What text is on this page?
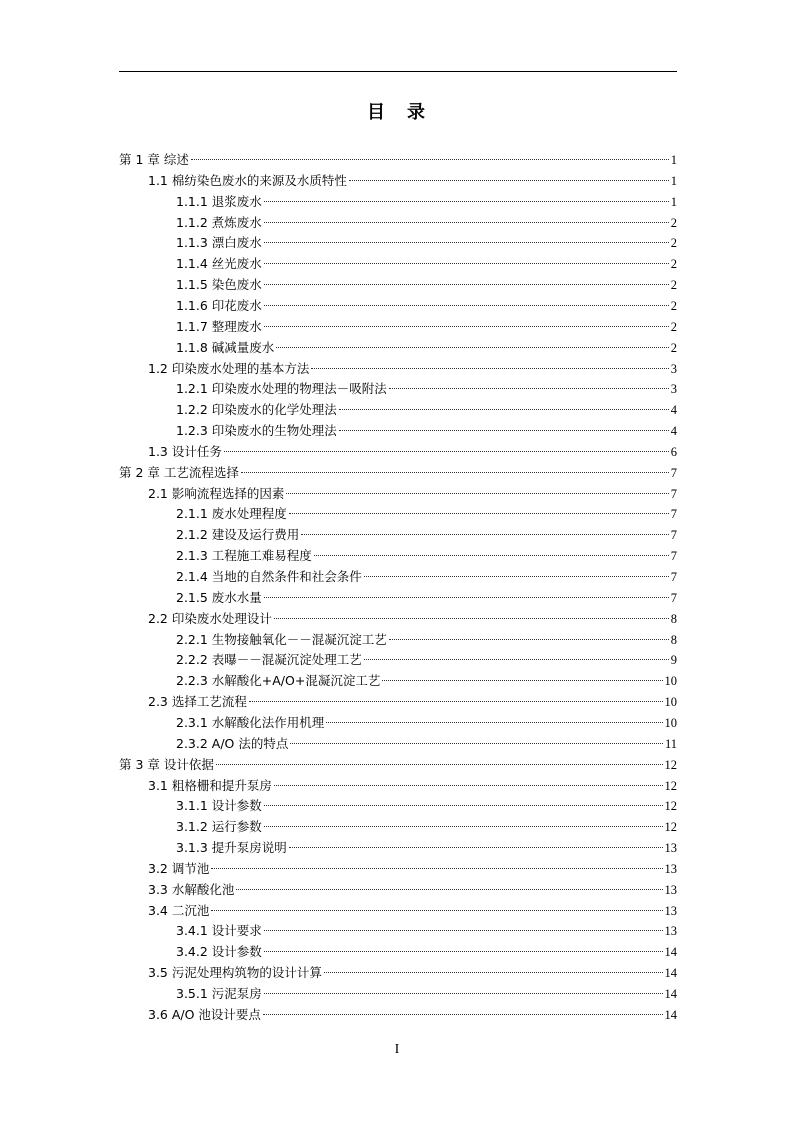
目　录
第 1 章 综述	1
1.1 棉纺染色废水的来源及水质特性	1
1.1.1 退浆废水	1
1.1.2 煮炼废水	2
1.1.3 漂白废水	2
1.1.4 丝光废水	2
1.1.5 染色废水	2
1.1.6 印花废水	2
1.1.7 整理废水	2
1.1.8 碱减量废水	2
1.2 印染废水处理的基本方法	3
1.2.1 印染废水处理的物理法－吸附法	3
1.2.2 印染废水的化学处理法	4
1.2.3 印染废水的生物处理法	4
1.3 设计任务	6
第 2 章 工艺流程选择	7
2.1 影响流程选择的因素	7
2.1.1 废水处理程度	7
2.1.2 建设及运行费用	7
2.1.3 工程施工难易程度	7
2.1.4 当地的自然条件和社会条件	7
2.1.5 废水水量	7
2.2 印染废水处理设计	8
2.2.1 生物接触氧化－－混凝沉淀工艺	8
2.2.2 表曝－－混凝沉淀处理工艺	9
2.2.3 水解酸化+A/O+混凝沉淀工艺	10
2.3 选择工艺流程	10
2.3.1 水解酸化法作用机理	10
2.3.2 A/O 法的特点	11
第 3 章 设计依据	12
3.1 粗格栅和提升泵房	12
3.1.1 设计参数	12
3.1.2 运行参数	12
3.1.3 提升泵房说明	13
3.2 调节池	13
3.3 水解酸化池	13
3.4 二沉池	13
3.4.1 设计要求	13
3.4.2 设计参数	14
3.5 污泥处理构筑物的设计计算	14
3.5.1 污泥泵房	14
3.6 A/O 池设计要点	14
I
